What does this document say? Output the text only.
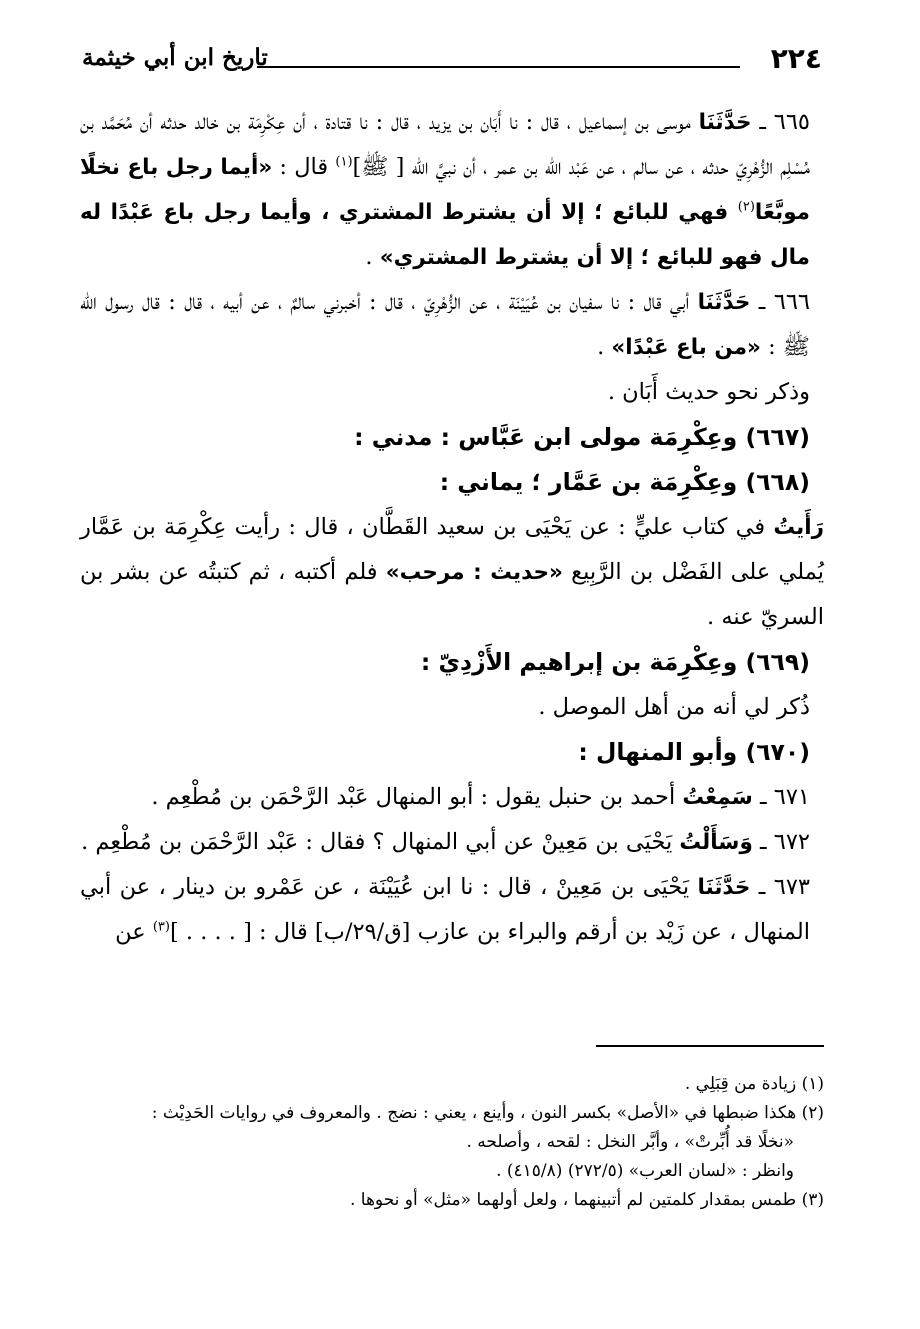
٢٢٤
تاريخ ابن أبي خيثمة

٦٦٥ ـ حَدَّثَنَا موسى بن إسماعيل ، قال : نا أَبَان بن يزيد ، قال : نا قتادة ، أن عِكْرِمَة بن خالد حدثه أن مُحَمَّد بن مُسْلِم الزُّهْرِيّ حدثه ، عن سالم ، عن عَبْد الله بن عمر ، أن نبيَّ الله [ ﷺ]$^{(١)}$ قال : «أيما رجل باع نخلًا موبَّعًا$^{(٢)}$ فهي للبائع ؛ إلا أن يشترط المشتري ، وأيما رجل باع عَبْدًا له مال فهو للبائع ؛ إلا أن يشترط المشتري» .

٦٦٦ ـ حَدَّثَنَا أبي قال : نا سفيان بن عُيَيْنَة ، عن الزُّهْرِيّ ، قال : أخبرني سالمٌ ، عن أبيه ، قال : قال رسول الله ﷺ : «من باع عَبْدًا» .

وذكر نحو حديث أَبَان .

(٦٦٧) وعِكْرِمَة مولى ابن عَبَّاس : مدني :

(٦٦٨) وعِكْرِمَة بن عَمَّار ؛ يماني :

رَأَيتُ في كتاب عليٍّ : عن يَحْيَى بن سعيد القَطَّان ، قال : رأيت عِكْرِمَة بن عَمَّار يُملي على الفَضْل بن الرَّبِيع «حديث : مرحب» فلم أكتبه ، ثم كتبتُه عن بشر بن السريّ عنه .

(٦٦٩) وعِكْرِمَة بن إبراهيم الأَزْدِيّ :

ذُكر لي أنه من أهل الموصل .

(٦٧٠) وأبو المنهال :

٦٧١ ـ سَمِعْتُ أحمد بن حنبل يقول : أبو المنهال عَبْد الرَّحْمَن بن مُطْعِم .

٦٧٢ ـ وَسَأَلْتُ يَحْيَى بن مَعِينْ عن أبي المنهال ؟ فقال : عَبْد الرَّحْمَن بن مُطْعِم .

٦٧٣ ـ حَدَّثَنَا يَحْيَى بن مَعِينْ ، قال : نا ابن عُيَيْنَة ، عن عَمْرو بن دينار ، عن أبي المنهال ، عن زَيْد بن أرقم والبراء بن عازب [ق/٢٩/ب] قال : [ . . . . ]$^{(٣)}$ عن

(١) زيادة من قِبَلِي .

(٢) هكذا ضبطها في «الأصل» بكسر النون ، وأينع ، يعني : نضج . والمعروف في روايات الحَدِيْث :

«نخلًا قد أُبِّرتْ» ، وأبَّر النخل : لقحه ، وأصلحه .

وانظر : «لسان العرب» (٢٧٢/٥) (٤١٥/٨) .

(٣) طمس بمقدار كلمتين لم أتبينهما ، ولعل أولهما «مثل» أو نحوها .
